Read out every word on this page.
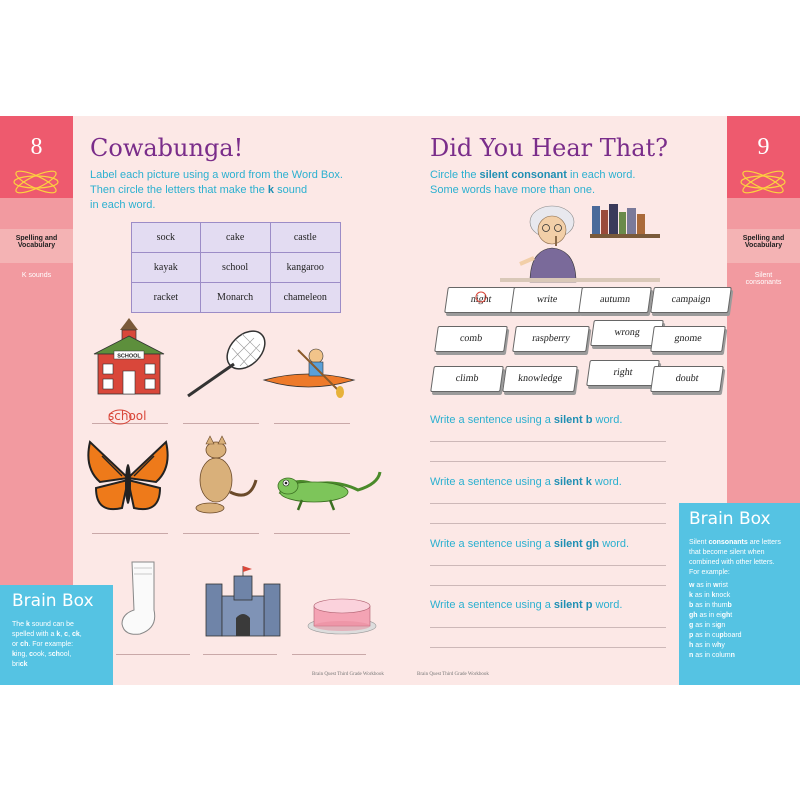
8
Spelling and
Vocabulary
K sounds
Cowabunga!
Label each picture using a word from the Word Box.
Then circle the letters that make the k sound
in each word.
sock	cake	castle
kayak	school	kangaroo
racket	Monarch	chameleon
SCHOOL
school
Brain Box
The k sound can be
spelled with a k, c, ck,
or ch. For example:
king, cook, school,
brick
Brain Quest Third Grade Workbook
9
Spelling and
Vocabulary
Silent
consonants
Did You Hear That?
Circle the silent consonant in each word.
Some words have more than one.
night	write	autumn	campaign
comb	raspberry
wrong
gnome
climb	knowledge
right
doubt
Write a sentence using a silent b word.
Write a sentence using a silent k word.
Write a sentence using a silent gh word.
Write a sentence using a silent p word.
Brain Box
Silent consonants are letters
that become silent when
combined with other letters.
For example:
w as in wrist
k as in knock
b as in thumb
gh as in eight
g as in sign
p as in cupboard
h as in why
n as in column
Brain Quest Third Grade Workbook
